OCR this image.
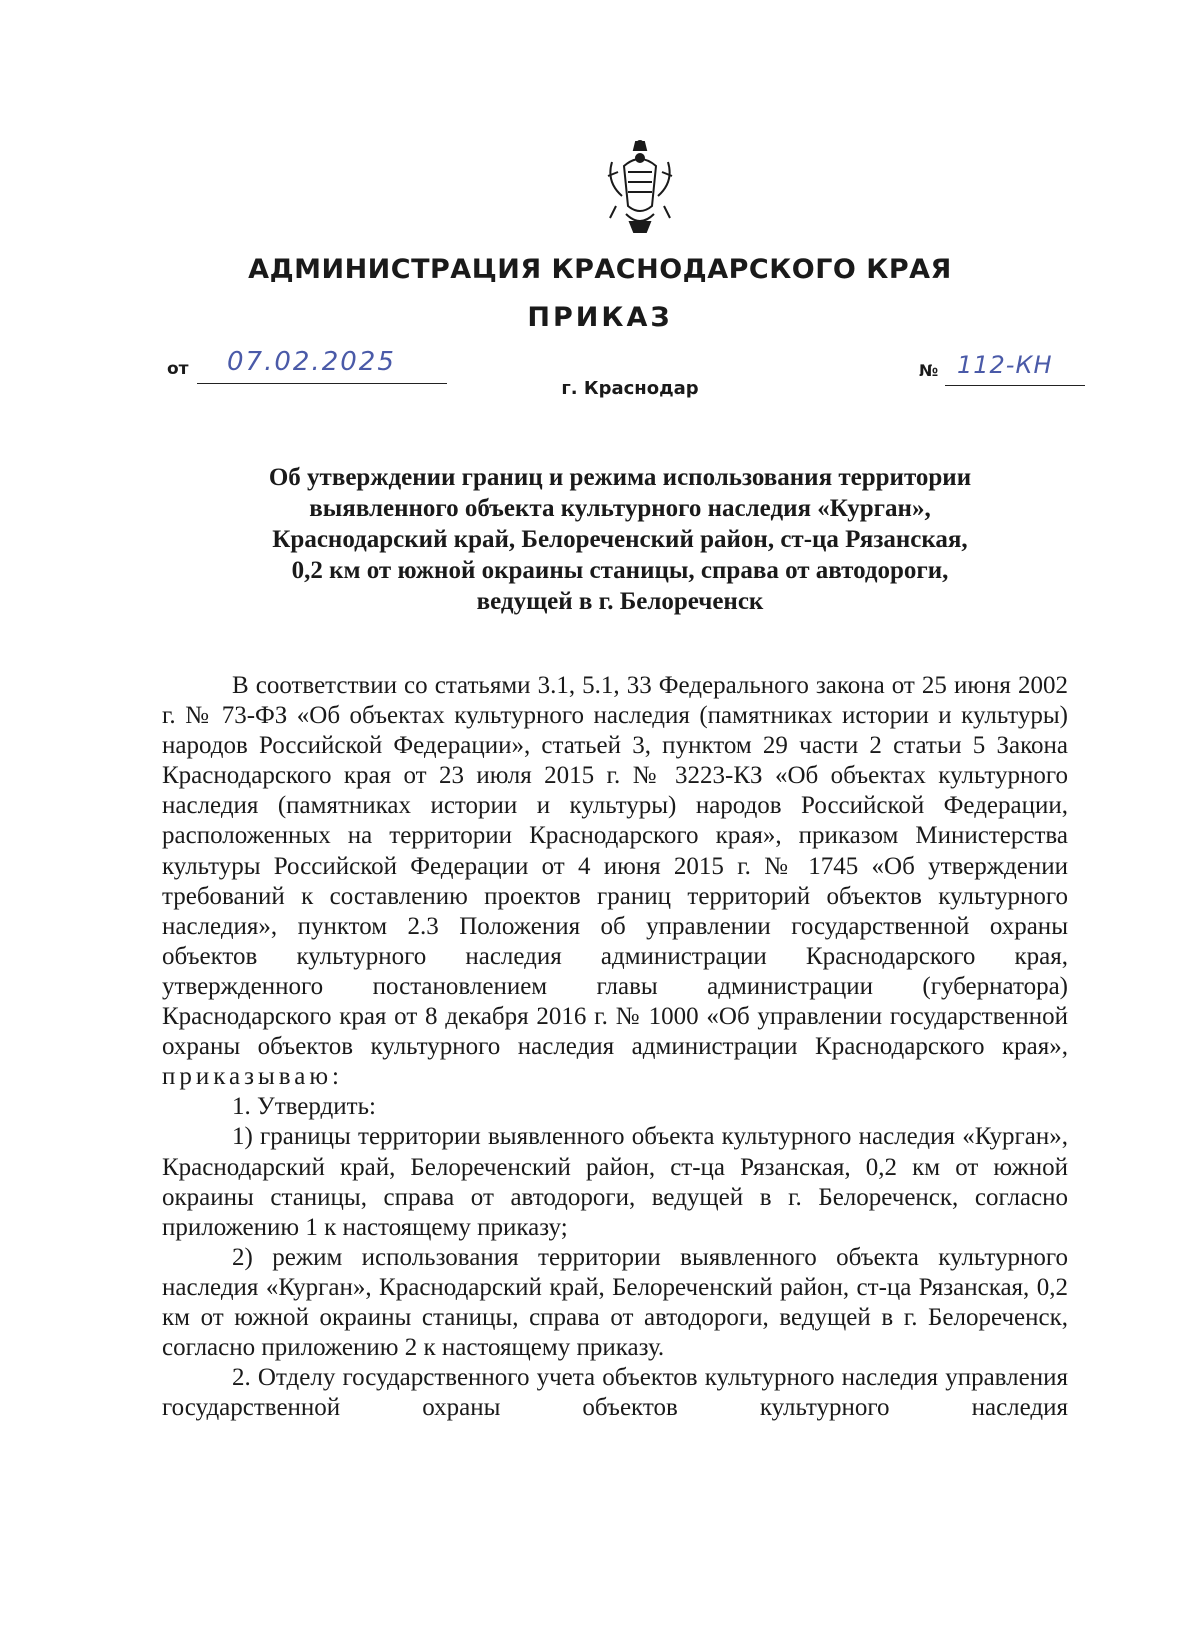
АДМИНИСТРАЦИЯ КРАСНОДАРСКОГО КРАЯ
ПРИКАЗ
от 07.02.2025	№ 112-КН
г. Краснодар
Об утверждении границ и режима использования территории
выявленного объекта культурного наследия «Курган»,
Краснодарский край, Белореченский район, ст-ца Рязанская,
0,2 км от южной окраины станицы, справа от автодороги,
ведущей в г. Белореченск

В соответствии со статьями 3.1, 5.1, 33 Федерального закона от 25 июня 2002 г. № 73-ФЗ «Об объектах культурного наследия (памятниках истории и культуры) народов Российской Федерации», статьей 3, пунктом 29 части 2 статьи 5 Закона Краснодарского края от 23 июля 2015 г. № 3223-КЗ «Об объектах культурного наследия (памятниках истории и культуры) народов Российской Федерации, расположенных на территории Краснодарского края», приказом Министерства культуры Российской Федерации от 4 июня 2015 г. № 1745 «Об утверждении требований к составлению проектов границ территорий объектов культурного наследия», пунктом 2.3 Положения об управлении государственной охраны объектов культурного наследия администрации Краснодарского края, утвержденного постановлением главы администрации (губернатора) Краснодарского края от 8 декабря 2016 г. № 1000 «Об управлении государственной охраны объектов культурного наследия администрации Краснодарского края»,

приказываю:

1. Утвердить:

1) границы территории выявленного объекта культурного наследия «Курган», Краснодарский край, Белореченский район, ст-ца Рязанская, 0,2 км от южной окраины станицы, справа от автодороги, ведущей в г. Белореченск, согласно приложению 1 к настоящему приказу;

2) режим использования территории выявленного объекта культурного наследия «Курган», Краснодарский край, Белореченский район, ст-ца Рязанская, 0,2 км от южной окраины станицы, справа от автодороги, ведущей в г. Белореченск, согласно приложению 2 к настоящему приказу.

2. Отделу государственного учета объектов культурного наследия управления государственной охраны объектов культурного наследия
